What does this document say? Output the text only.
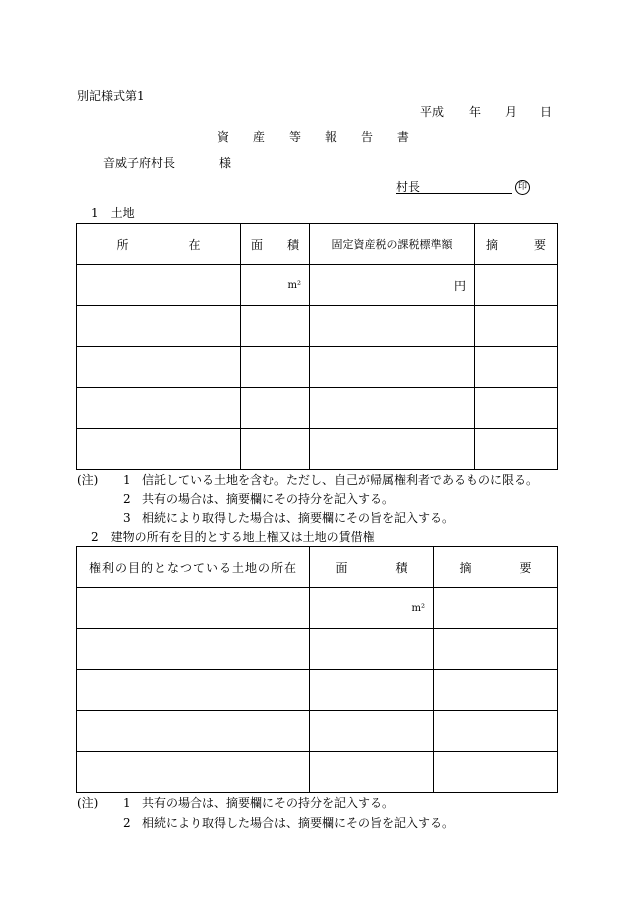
別記様式第1
平成 年 月 日
資 産 等 報 告 書
音威子府村長	様
村長	印
1　土地
所　　　　　在	面　　積	固定資産税の課税標準額	摘　　　要
	m²	円	

(注) 1 信託している土地を含む。ただし、自己が帰属権利者であるものに限る。
2 共有の場合は、摘要欄にその持分を記入する。
3 相続により取得した場合は、摘要欄にその旨を記入する。
2　建物の所有を目的とする地上権又は土地の賃借権
権利の目的となつている土地の所在	面　　　　積	摘　　　　要
	m²	

(注) 1 共有の場合は、摘要欄にその持分を記入する。
2 相続により取得した場合は、摘要欄にその旨を記入する。
